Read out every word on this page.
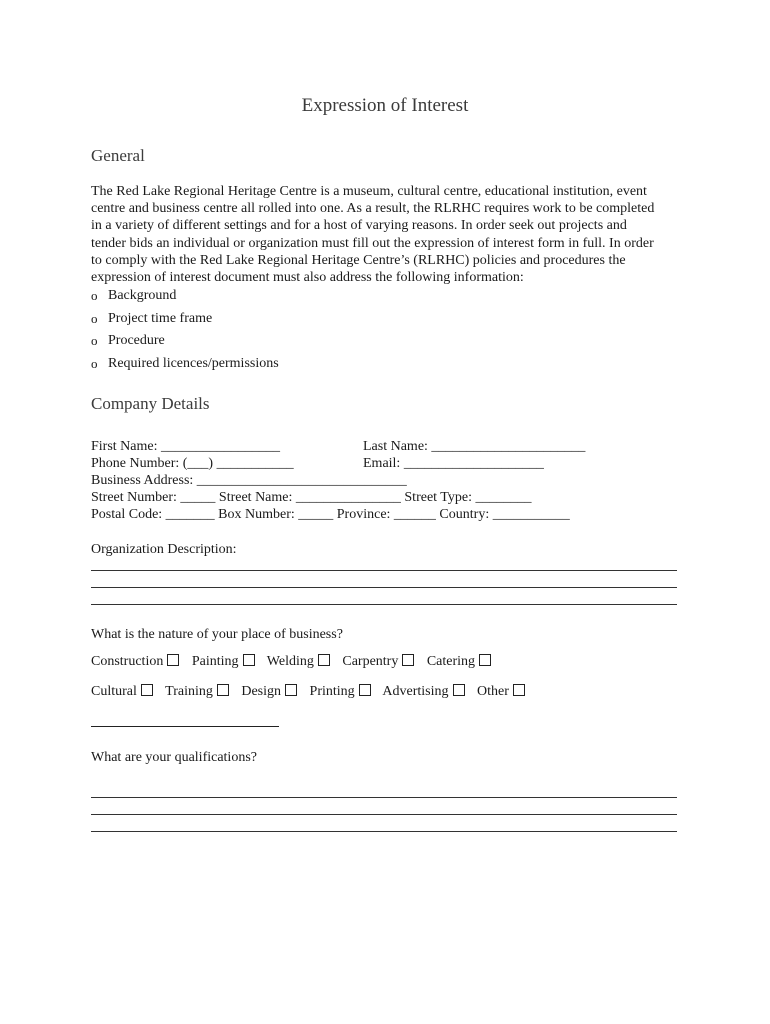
Expression of Interest
General
The Red Lake Regional Heritage Centre is a museum, cultural centre, educational institution, event
centre and business centre all rolled into one. As a result, the RLRHC requires work to be completed
in a variety of different settings and for a host of varying reasons. In order seek out projects and
tender bids an individual or organization must fill out the expression of interest form in full. In order
to comply with the Red Lake Regional Heritage Centre’s (RLRHC) policies and procedures the
expression of interest document must also address the following information:
o Background
o Project time frame
o Procedure
o Required licences/permissions
Company Details
First Name: _________________	Last Name: ______________________
Phone Number: (___) ___________	Email: ____________________
Business Address: ______________________________
Street Number: _____ Street Name: _______________ Street Type: ________
Postal Code: _______ Box Number: _____ Province: ______ Country: ___________
Organization Description:
What is the nature of your place of business?
Construction Painting Welding Carpentry Catering
Cultural Training Design Printing Advertising Other
What are your qualifications?
